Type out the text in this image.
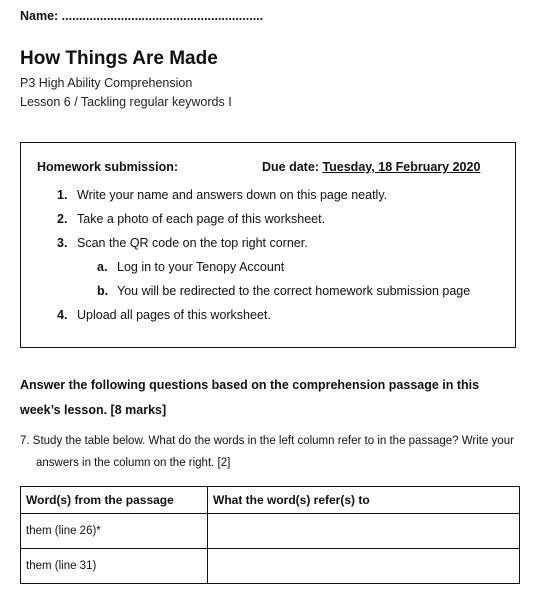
Name: ..........................................................
How Things Are Made
P3 High Ability Comprehension
Lesson 6 / Tackling regular keywords I
Homework submission:	Due date: Tuesday, 18 February 2020
1. Write your name and answers down on this page neatly.
2. Take a photo of each page of this worksheet.
3. Scan the QR code on the top right corner.
a. Log in to your Tenopy Account
b. You will be redirected to the correct homework submission page
4. Upload all pages of this worksheet.
Answer the following questions based on the comprehension passage in this week’s lesson. [8 marks]
7. Study the table below. What do the words in the left column refer to in the passage? Write your answers in the column on the right. [2]
Word(s) from the passage	What the word(s) refer(s) to
them (line 26)*	
them (line 31)	
